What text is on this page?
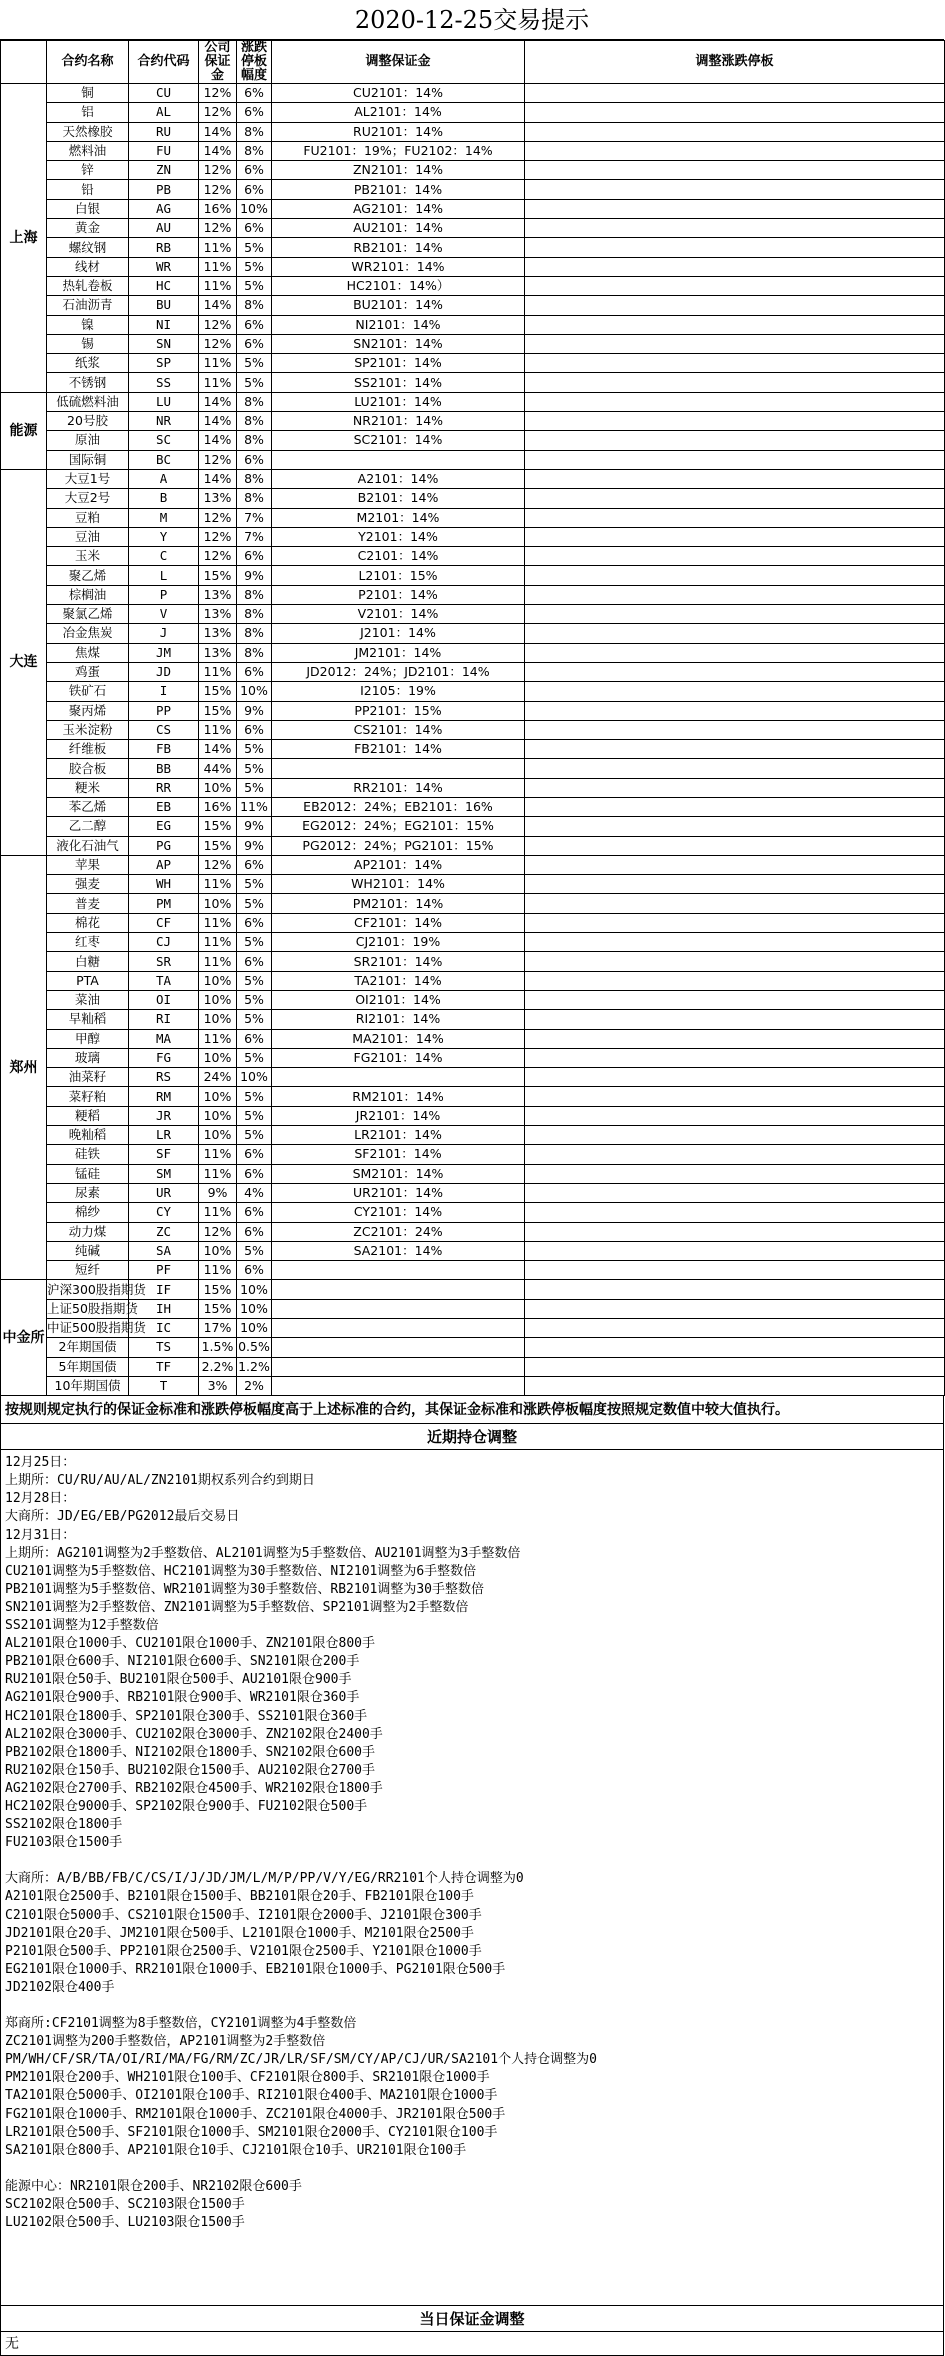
2020-12-25交易提示
	合约名称	合约代码	公司保证金	涨跌停板幅度	调整保证金	调整涨跌停板
上海	铜	CU	12%	6%	CU2101：14%	
	铝	AL	12%	6%	AL2101：14%	
	天然橡胶	RU	14%	8%	RU2101：14%	
	燃料油	FU	14%	8%	FU2101：19%；FU2102：14%	
	锌	ZN	12%	6%	ZN2101：14%	
	铅	PB	12%	6%	PB2101：14%	
	白银	AG	16%	10%	AG2101：14%	
	黄金	AU	12%	6%	AU2101：14%	
	螺纹钢	RB	11%	5%	RB2101：14%	
	线材	WR	11%	5%	WR2101：14%	
	热轧卷板	HC	11%	5%	HC2101：14%）	
	石油沥青	BU	14%	8%	BU2101：14%	
	镍	NI	12%	6%	NI2101：14%	
	锡	SN	12%	6%	SN2101：14%	
	纸浆	SP	11%	5%	SP2101：14%	
	不锈钢	SS	11%	5%	SS2101：14%	
能源	低硫燃料油	LU	14%	8%	LU2101：14%	
	20号胶	NR	14%	8%	NR2101：14%	
	原油	SC	14%	8%	SC2101：14%	
	国际铜	BC	12%	6%		
大连	大豆1号	A	14%	8%	A2101：14%	
	大豆2号	B	13%	8%	B2101：14%	
	豆粕	M	12%	7%	M2101：14%	
	豆油	Y	12%	7%	Y2101：14%	
	玉米	C	12%	6%	C2101：14%	
	聚乙烯	L	15%	9%	L2101：15%	
	棕榈油	P	13%	8%	P2101：14%	
	聚氯乙烯	V	13%	8%	V2101：14%	
	冶金焦炭	J	13%	8%	J2101：14%	
	焦煤	JM	13%	8%	JM2101：14%	
	鸡蛋	JD	11%	6%	JD2012：24%；JD2101：14%	
	铁矿石	I	15%	10%	I2105：19%	
	聚丙烯	PP	15%	9%	PP2101：15%	
	玉米淀粉	CS	11%	6%	CS2101：14%	
	纤维板	FB	14%	5%	FB2101：14%	
	胶合板	BB	44%	5%		
	粳米	RR	10%	5%	RR2101：14%	
	苯乙烯	EB	16%	11%	EB2012：24%；EB2101：16%	
	乙二醇	EG	15%	9%	EG2012：24%；EG2101：15%	
	液化石油气	PG	15%	9%	PG2012：24%；PG2101：15%	
郑州	苹果	AP	12%	6%	AP2101：14%	
	强麦	WH	11%	5%	WH2101：14%	
	普麦	PM	10%	5%	PM2101：14%	
	棉花	CF	11%	6%	CF2101：14%	
	红枣	CJ	11%	5%	CJ2101：19%	
	白糖	SR	11%	6%	SR2101：14%	
	PTA	TA	10%	5%	TA2101：14%	
	菜油	OI	10%	5%	OI2101：14%	
	早籼稻	RI	10%	5%	RI2101：14%	
	甲醇	MA	11%	6%	MA2101：14%	
	玻璃	FG	10%	5%	FG2101：14%	
	油菜籽	RS	24%	10%		
	菜籽粕	RM	10%	5%	RM2101：14%	
	粳稻	JR	10%	5%	JR2101：14%	
	晚籼稻	LR	10%	5%	LR2101：14%	
	硅铁	SF	11%	6%	SF2101：14%	
	锰硅	SM	11%	6%	SM2101：14%	
	尿素	UR	9%	4%	UR2101：14%	
	棉纱	CY	11%	6%	CY2101：14%	
	动力煤	ZC	12%	6%	ZC2101：24%	
	纯碱	SA	10%	5%	SA2101：14%	
	短纤	PF	11%	6%		
中金所	沪深300股指期货	IF	15%	10%		
	上证50股指期货	IH	15%	10%		
	中证500股指期货	IC	17%	10%		
	2年期国债	TS	1.5%	0.5%		
	5年期国债	TF	2.2%	1.2%		
	10年期国债	T	3%	2%		
按规则规定执行的保证金标准和涨跌停板幅度高于上述标准的合约，其保证金标准和涨跌停板幅度按照规定数值中较大值执行。
近期持仓调整
12月25日：
上期所：CU/RU/AU/AL/ZN2101期权系列合约到期日
12月28日：
大商所：JD/EG/EB/PG2012最后交易日
12月31日：
上期所：AG2101调整为2手整数倍、AL2101调整为5手整数倍、AU2101调整为3手整数倍
CU2101调整为5手整数倍、HC2101调整为30手整数倍、NI2101调整为6手整数倍
PB2101调整为5手整数倍、WR2101调整为30手整数倍、RB2101调整为30手整数倍
SN2101调整为2手整数倍、ZN2101调整为5手整数倍、SP2101调整为2手整数倍
SS2101调整为12手整数倍
AL2101限仓1000手、CU2101限仓1000手、ZN2101限仓800手
PB2101限仓600手、NI2101限仓600手、SN2101限仓200手
RU2101限仓50手、BU2101限仓500手、AU2101限仓900手
AG2101限仓900手、RB2101限仓900手、WR2101限仓360手
HC2101限仓1800手、SP2101限仓300手、SS2101限仓360手
AL2102限仓3000手、CU2102限仓3000手、ZN2102限仓2400手
PB2102限仓1800手、NI2102限仓1800手、SN2102限仓600手
RU2102限仓150手、BU2102限仓1500手、AU2102限仓2700手
AG2102限仓2700手、RB2102限仓4500手、WR2102限仓1800手
HC2102限仓9000手、SP2102限仓900手、FU2102限仓500手
SS2102限仓1800手
FU2103限仓1500手
大商所：A/B/BB/FB/C/CS/I/J/JD/JM/L/M/P/PP/V/Y/EG/RR2101个人持仓调整为0
A2101限仓2500手、B2101限仓1500手、BB2101限仓20手、FB2101限仓100手
C2101限仓5000手、CS2101限仓1500手、I2101限仓2000手、J2101限仓300手
JD2101限仓20手、JM2101限仓500手、L2101限仓1000手、M2101限仓2500手
P2101限仓500手、PP2101限仓2500手、V2101限仓2500手、Y2101限仓1000手
EG2101限仓1000手、RR2101限仓1000手、EB2101限仓1000手、PG2101限仓500手
JD2102限仓400手
郑商所:CF2101调整为8手整数倍，CY2101调整为4手整数倍
ZC2101调整为200手整数倍，AP2101调整为2手整数倍
PM/WH/CF/SR/TA/OI/RI/MA/FG/RM/ZC/JR/LR/SF/SM/CY/AP/CJ/UR/SA2101个人持仓调整为0
PM2101限仓200手、WH2101限仓100手、CF2101限仓800手、SR2101限仓1000手
TA2101限仓5000手、OI2101限仓100手、RI2101限仓400手、MA2101限仓1000手
FG2101限仓1000手、RM2101限仓1000手、ZC2101限仓4000手、JR2101限仓500手
LR2101限仓500手、SF2101限仓1000手、SM2101限仓2000手、CY2101限仓100手
SA2101限仓800手、AP2101限仓10手、CJ2101限仓10手、UR2101限仓100手
能源中心：NR2101限仓200手、NR2102限仓600手
SC2102限仓500手、SC2103限仓1500手
LU2102限仓500手、LU2103限仓1500手
当日保证金调整
无
